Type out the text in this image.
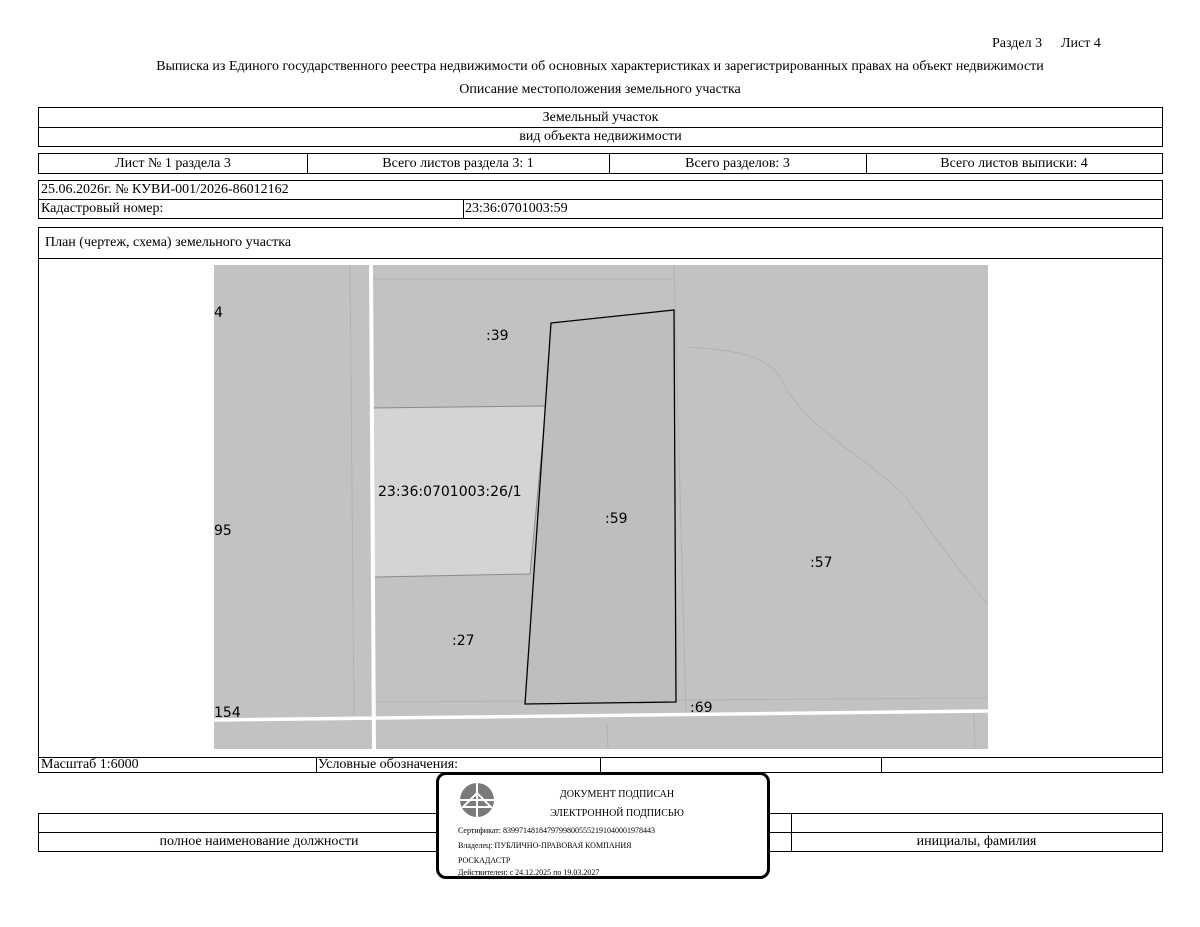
Раздел 3 Лист 4
Выписка из Единого государственного реестра недвижимости об основных характеристиках и зарегистрированных правах на объект недвижимости
Описание местоположения земельного участка
Земельный участок
вид объекта недвижимости
Лист № 1 раздела 3	Всего листов раздела 3: 1	Всего разделов: 3	Всего листов выписки: 4
25.06.2026г. № КУВИ-001/2026-86012162
Кадастровый номер:	23:36:0701003:59
План (чертеж, схема) земельного участка
Масштаб 1:6000	Условные обозначения:
4
95
154
:39
23:36:0701003:26/1
:59
:57
:27
:69
полное наименование должности	инициалы, фамилия
ДОКУМЕНТ ПОДПИСАН
ЭЛЕКТРОННОЙ ПОДПИСЬЮ
Сертификат: 83997148184797998005552191040001978443
Владелец: ПУБЛИЧНО-ПРАВОВАЯ КОМПАНИЯ
РОСКАДАСТР
Действителен: с 24.12.2025 по 19.03.2027
